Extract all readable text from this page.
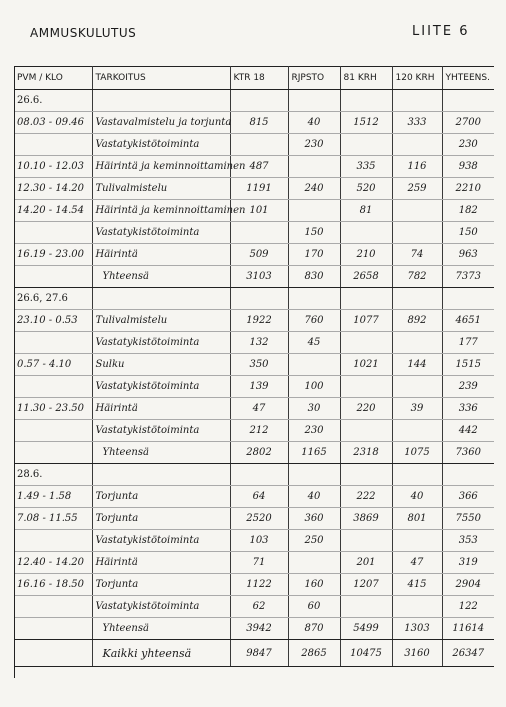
AMMUSKULUTUS	LIITE 6
PVM / KLO	TARKOITUS	KTR 18	RJPSTO	81 KRH	120 KRH	YHTEENS.
26.6.						
08.03 - 09.46	Vastavalmistelu ja torjunta	815	40	1512	333	2700
	Vastatykistötoiminta		230			230
10.10 - 12.03	Häirintä ja keminnoittaminen	487		335	116	938
12.30 - 14.20	Tulivalmistelu	1191	240	520	259	2210
14.20 - 14.54	Häirintä ja keminnoittaminen	101		81		182
	Vastatykistötoiminta		150			150
16.19 - 23.00	Häirintä	509	170	210	74	963
	Yhteensä	3103	830	2658	782	7373
26.6, 27.6						
23.10 - 0.53	Tulivalmistelu	1922	760	1077	892	4651
	Vastatykistötoiminta	132	45			177
0.57 - 4.10	Sulku	350		1021	144	1515
	Vastatykistötoiminta	139	100			239
11.30 - 23.50	Häirintä	47	30	220	39	336
	Vastatykistötoiminta	212	230			442
	Yhteensä	2802	1165	2318	1075	7360
28.6.						
1.49 - 1.58	Torjunta	64	40	222	40	366
7.08 - 11.55	Torjunta	2520	360	3869	801	7550
	Vastatykistötoiminta	103	250			353
12.40 - 14.20	Häirintä	71		201	47	319
16.16 - 18.50	Torjunta	1122	160	1207	415	2904
	Vastatykistötoiminta	62	60			122
	Yhteensä	3942	870	5499	1303	11614
	Kaikki yhteensä	9847	2865	10475	3160	26347
